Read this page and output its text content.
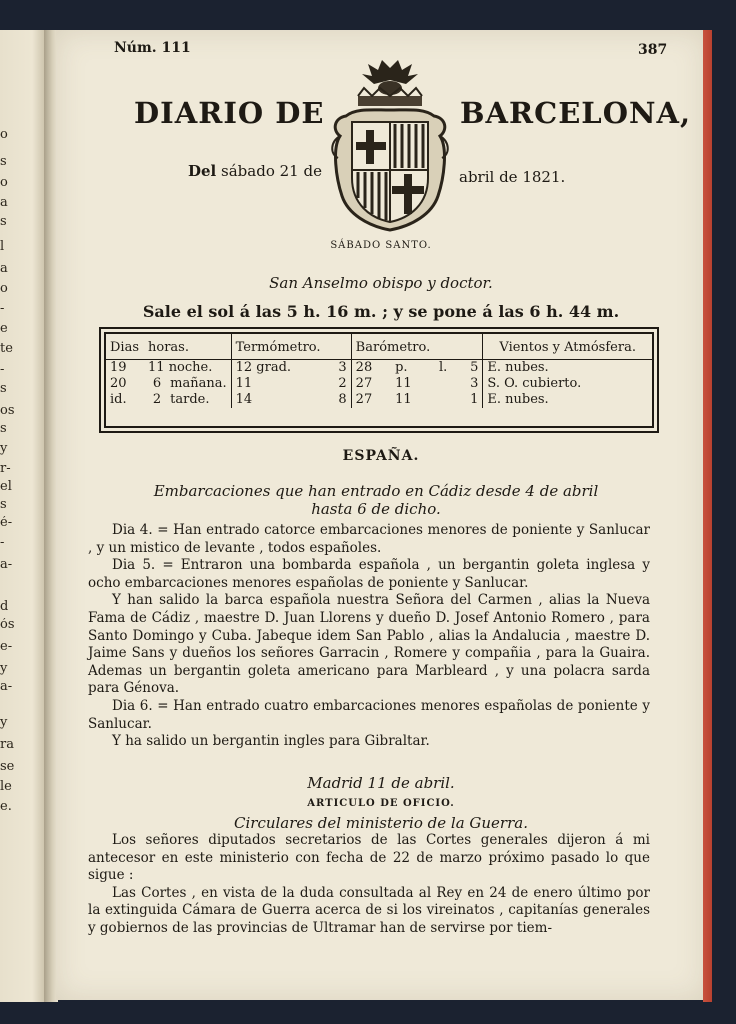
o
s
o
a
s
l
a
o
-
e
te
-
s
os
s
y
r-
el
s
é-
-
a-
d
ós
e-
y
a-
y
ra
se
le
e.
Núm. 111	387
DIARIO DE	BARCELONA,
Del sábado 21 de	abril de 1821.
SÁBADO SANTO.
San Anselmo obispo y doctor.
Sale el sol á las 5 h. 16 m. ; y se pone á las 6 h. 44 m.
Dias	horas.	Termómetro.		Barómetro.				Vientos y Atmósfera.
19	11 noche.	12 grad.	3	28	p.	l.	5	E. nubes.
20	6 mañana.	11	2	27	11		3	S. O. cubierto.
id.	2 tarde.	14	8	27	11		1	E. nubes.
ESPAÑA.
Embarcaciones que han entrado en Cádiz desde 4 de abril
hasta 6 de dicho.

Dia 4. = Han entrado catorce embarcaciones menores de poniente y Sanlucar , y un mistico de levante , todos españoles.

Dia 5. = Entraron una bombarda española , un bergantin goleta inglesa y ocho embarcaciones menores españolas de poniente y Sanlucar.

Y han salido la barca española nuestra Señora del Carmen , alias la Nueva Fama de Cádiz , maestre D. Juan Llorens y dueño D. Josef Antonio Romero , para Santo Domingo y Cuba. Jabeque idem San Pablo , alias la Andalucia , maestre D. Jaime Sans y dueños los señores Garracin , Romere y compañia , para la Guaira. Ademas un bergantin goleta americano para Marbleard , y una polacra sarda para Génova.

Dia 6. = Han entrado cuatro embarcaciones menores españolas de poniente y Sanlucar.

Y ha salido un bergantin ingles para Gibraltar.

Madrid 11 de abril.
ARTICULO DE OFICIO.
Circulares del ministerio de la Guerra.

Los señores diputados secretarios de las Cortes generales dijeron á mi antecesor en este ministerio con fecha de 22 de marzo próximo pasado lo que sigue :

Las Cortes , en vista de la duda consultada al Rey en 24 de enero último por la extinguida Cámara de Guerra acerca de si los vireinatos , capitanías generales y gobiernos de las provincias de Ultramar han de servirse por tiem-
